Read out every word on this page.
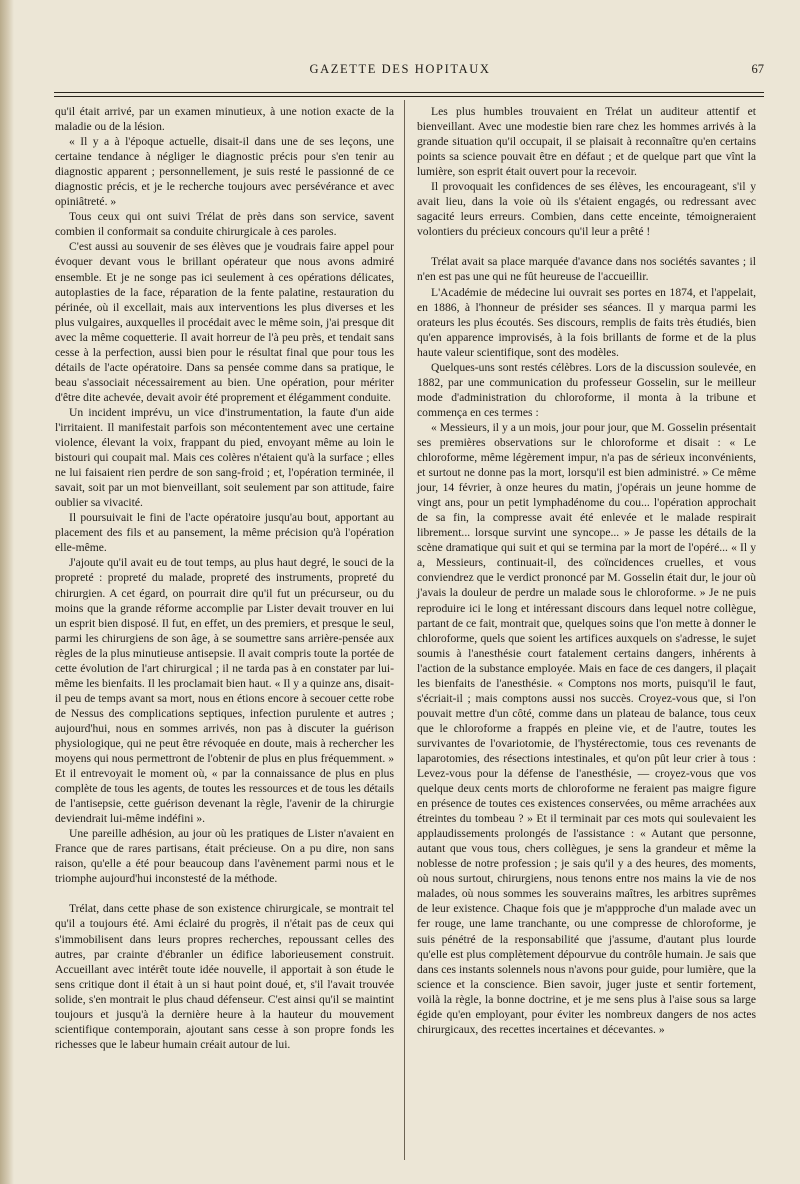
GAZETTE DES HOPITAUX	67

qu'il était arrivé, par un examen minutieux, à une notion exacte de la maladie ou de la lésion.

« Il y a à l'époque actuelle, disait-il dans une de ses leçons, une certaine tendance à négliger le diagnostic précis pour s'en tenir au diagnostic apparent ; personnellement, je suis resté le passionné de ce diagnostic précis, et je le recherche toujours avec persévérance et avec opiniâtreté. »

Tous ceux qui ont suivi Trélat de près dans son service, savent combien il conformait sa conduite chirurgicale à ces paroles.

C'est aussi au souvenir de ses élèves que je voudrais faire appel pour évoquer devant vous le brillant opérateur que nous avons admiré ensemble. Et je ne songe pas ici seulement à ces opérations délicates, autoplasties de la face, réparation de la fente palatine, restauration du périnée, où il excellait, mais aux interventions les plus diverses et les plus vulgaires, auxquelles il procédait avec le même soin, j'ai presque dit avec la même coquetterie. Il avait horreur de l'à peu près, et tendait sans cesse à la perfection, aussi bien pour le résultat final que pour tous les détails de l'acte opératoire. Dans sa pensée comme dans sa pratique, le beau s'associait nécessairement au bien. Une opération, pour mériter d'être dite achevée, devait avoir été proprement et élégamment conduite.

Un incident imprévu, un vice d'instrumentation, la faute d'un aide l'irritaient. Il manifestait parfois son mécontentement avec une certaine violence, élevant la voix, frappant du pied, envoyant même au loin le bistouri qui coupait mal. Mais ces colères n'étaient qu'à la surface ; elles ne lui faisaient rien perdre de son sang-froid ; et, l'opération terminée, il savait, soit par un mot bienveillant, soit seulement par son attitude, faire oublier sa vivacité.

Il poursuivait le fini de l'acte opératoire jusqu'au bout, apportant au placement des fils et au pansement, la même précision qu'à l'opération elle-même.

J'ajoute qu'il avait eu de tout temps, au plus haut degré, le souci de la propreté : propreté du malade, propreté des instruments, propreté du chirurgien. A cet égard, on pourrait dire qu'il fut un précurseur, ou du moins que la grande réforme accomplie par Lister devait trouver en lui un esprit bien disposé. Il fut, en effet, un des premiers, et presque le seul, parmi les chirurgiens de son âge, à se soumettre sans arrière-pensée aux règles de la plus minutieuse antisepsie. Il avait compris toute la portée de cette évolution de l'art chirurgical ; il ne tarda pas à en constater par lui-même les bienfaits. Il les proclamait bien haut. « Il y a quinze ans, disait-il peu de temps avant sa mort, nous en étions encore à secouer cette robe de Nessus des complications septiques, infection purulente et autres ; aujourd'hui, nous en sommes arrivés, non pas à discuter la guérison physiologique, qui ne peut être révoquée en doute, mais à rechercher les moyens qui nous permettront de l'obtenir de plus en plus fréquemment. » Et il entrevoyait le moment où, « par la connaissance de plus en plus complète de tous les agents, de toutes les ressources et de tous les détails de l'antisepsie, cette guérison devenant la règle, l'avenir de la chirurgie deviendrait lui-même indéfini ».

Une pareille adhésion, au jour où les pratiques de Lister n'avaient en France que de rares partisans, était précieuse. On a pu dire, non sans raison, qu'elle a été pour beaucoup dans l'avènement parmi nous et le triomphe aujourd'hui inconstesté de la méthode.

Trélat, dans cette phase de son existence chirurgicale, se montrait tel qu'il a toujours été. Ami éclairé du progrès, il n'était pas de ceux qui s'immobilisent dans leurs propres recherches, repoussant celles des autres, par crainte d'ébranler un édifice laborieusement construit. Accueillant avec intérêt toute idée nouvelle, il apportait à son étude le sens critique dont il était à un si haut point doué, et, s'il l'avait trouvée solide, s'en montrait le plus chaud défenseur. C'est ainsi qu'il se maintint toujours et jusqu'à la dernière heure à la hauteur du mouvement scientifique contemporain, ajoutant sans cesse à son propre fonds les richesses que le labeur humain créait autour de lui.

Les plus humbles trouvaient en Trélat un auditeur attentif et bienveillant. Avec une modestie bien rare chez les hommes arrivés à la grande situation qu'il occupait, il se plaisait à reconnaître qu'en certains points sa science pouvait être en défaut ; et de quelque part que vînt la lumière, son esprit était ouvert pour la recevoir.

Il provoquait les confidences de ses élèves, les encourageant, s'il y avait lieu, dans la voie où ils s'étaient engagés, ou redressant avec sagacité leurs erreurs. Combien, dans cette enceinte, témoigneraient volontiers du précieux concours qu'il leur a prêté !

Trélat avait sa place marquée d'avance dans nos sociétés savantes ; il n'en est pas une qui ne fût heureuse de l'accueillir.

L'Académie de médecine lui ouvrait ses portes en 1874, et l'appelait, en 1886, à l'honneur de présider ses séances. Il y marqua parmi les orateurs les plus écoutés. Ses discours, remplis de faits très étudiés, bien qu'en apparence improvisés, à la fois brillants de forme et de la plus haute valeur scientifique, sont des modèles.

Quelques-uns sont restés célèbres. Lors de la discussion soulevée, en 1882, par une communication du professeur Gosselin, sur le meilleur mode d'administration du chloroforme, il monta à la tribune et commença en ces termes :

« Messieurs, il y a un mois, jour pour jour, que M. Gosselin présentait ses premières observations sur le chloroforme et disait : « Le chloroforme, même légèrement impur, n'a pas de sérieux inconvénients, et surtout ne donne pas la mort, lorsqu'il est bien administré. » Ce même jour, 14 février, à onze heures du matin, j'opérais un jeune homme de vingt ans, pour un petit lymphadénome du cou... l'opération approchait de sa fin, la compresse avait été enlevée et le malade respirait librement... lorsque survint une syncope... » Je passe les détails de la scène dramatique qui suit et qui se termina par la mort de l'opéré... « Il y a, Messieurs, continuait-il, des coïncidences cruelles, et vous conviendrez que le verdict prononcé par M. Gosselin était dur, le jour où j'avais la douleur de perdre un malade sous le chloroforme. » Je ne puis reproduire ici le long et intéressant discours dans lequel notre collègue, partant de ce fait, montrait que, quelques soins que l'on mette à donner le chloroforme, quels que soient les artifices auxquels on s'adresse, le sujet soumis à l'anesthésie court fatalement certains dangers, inhérents à l'action de la substance employée. Mais en face de ces dangers, il plaçait les bienfaits de l'anesthésie. « Comptons nos morts, puisqu'il le faut, s'écriait-il ; mais comptons aussi nos succès. Croyez-vous que, si l'on pouvait mettre d'un côté, comme dans un plateau de balance, tous ceux que le chloroforme a frappés en pleine vie, et de l'autre, toutes les survivantes de l'ovariotomie, de l'hystérectomie, tous ces revenants de laparotomies, des résections intestinales, et qu'on pût leur crier à tous : Levez-vous pour la défense de l'anesthésie, — croyez-vous que vos quelque deux cents morts de chloroforme ne feraient pas maigre figure en présence de toutes ces existences conservées, ou même arrachées aux étreintes du tombeau ? » Et il terminait par ces mots qui soulevaient les applaudissements prolongés de l'assistance : « Autant que personne, autant que vous tous, chers collègues, je sens la grandeur et même la noblesse de notre profession ; je sais qu'il y a des heures, des moments, où nous surtout, chirurgiens, nous tenons entre nos mains la vie de nos malades, où nous sommes les souverains maîtres, les arbitres suprêmes de leur existence. Chaque fois que je m'appproche d'un malade avec un fer rouge, une lame tranchante, ou une compresse de chloroforme, je suis pénétré de la responsabilité que j'assume, d'autant plus lourde qu'elle est plus complètement dépourvue du contrôle humain. Je sais que dans ces instants solennels nous n'avons pour guide, pour lumière, que la science et la conscience. Bien savoir, juger juste et sentir fortement, voilà la règle, la bonne doctrine, et je me sens plus à l'aise sous sa large égide qu'en employant, pour éviter les nombreux dangers de nos actes chirurgicaux, des recettes incertaines et décevantes. »
